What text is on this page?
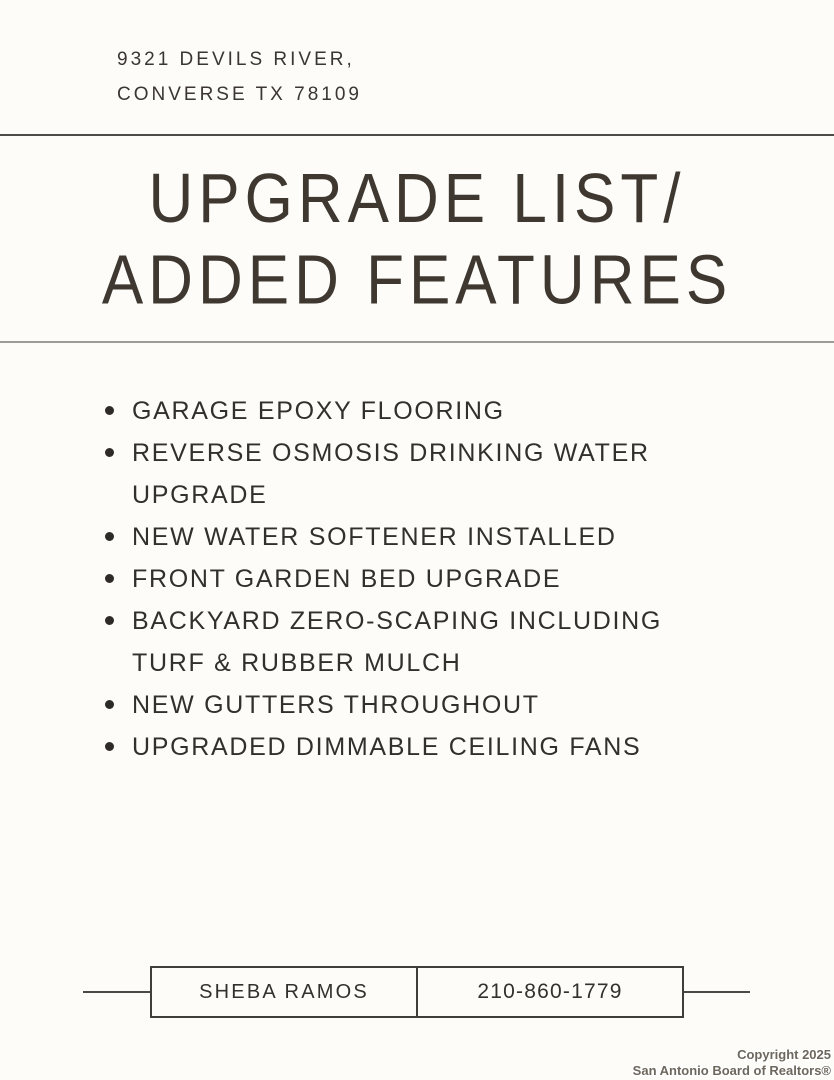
9321 DEVILS RIVER,
CONVERSE TX 78109
UPGRADE LIST/
ADDED FEATURES
GARAGE EPOXY FLOORING
REVERSE OSMOSIS DRINKING WATER UPGRADE
NEW WATER SOFTENER INSTALLED
FRONT GARDEN BED UPGRADE
BACKYARD ZERO-SCAPING INCLUDING TURF & RUBBER MULCH
NEW GUTTERS THROUGHOUT
UPGRADED DIMMABLE CEILING FANS
SHEBA RAMOS	210-860-1779
Copyright 2025
San Antonio Board of Realtors®
